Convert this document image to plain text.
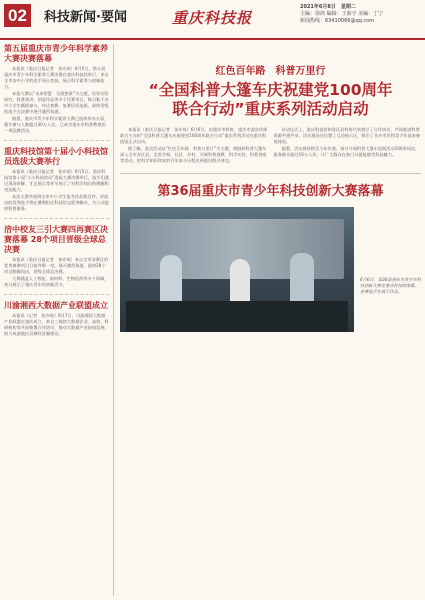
02	科技新闻·要闻	重庆科技报
2021年6月8日　星期二
主编：徐鸿 编辑：王新宇 美编：丁宁
新闻热线：63410066@qq.com
第五届重庆市青少年科学素养大赛决赛落幕

本报讯（重庆日报记者　张亦筑）6月5日，第五届重庆市青少年科学素养大赛决赛在重庆科技馆举行，来自全市各中小学的选手同台竞技，展示科学素养与创新能力。

本届大赛以“未来智慧　无限想象”为主题，设有实验探究、科普演讲、创意作品等多个比赛项目，吸引数千名中小学生踊跃参与，经过初赛、复赛层层选拔，最终晋级的选手在决赛中展开激烈角逐。

据悉，重庆市青少年科学素养大赛已连续举办五届，累计参与人数超过30万人次，已成为重庆市科普教育的一项品牌活动。

重庆科技馆第十届小小科技馆员选拔大赛举行

本报讯（重庆日报记者　张亦筑）6月5日，重庆科技馆第十届“小小科技馆员”选拔大赛决赛举行，选手们通过现场讲解、才艺展示等环节展示了对科学知识的理解和表达能力。

本次大赛共收到全市中小学生报名作品数百件，评选出的优秀选手将在暑期担任科技馆志愿讲解员，为公众提供科普服务。

涪中校友三引大赛四再赛区决赛落幕 28个项目晋级全球总决赛

本报讯（重庆日报记者　张亦筑）来自全市各赛区的优秀参赛项目日前齐聚一堂，展开激烈角逐，最终28个项目脱颖而出，晋级全球总决赛。

大赛涵盖人工智能、新材料、生物医药等多个领域，充分展示了重庆青年的创新活力。

川渝湘西大数据产业联盟成立

本报讯（记者　张亦筑）6月7日，川渝湘西大数据产业联盟在重庆成立，来自三地的大数据企业、高校、科研机构等共同签署合作协议，推动大数据产业协同发展，助力成渝地区双城经济圈建设。

红色百年路　科普万里行
“全国科普大篷车庆祝建党100周年
联合行动”重庆系列活动启动

本报讯（重庆日报记者　张亦筑）6月6日，由重庆市科协、重庆市委宣传部联合主办的“全国科普大篷车庆祝建党100周年联合行动”重庆系列活动在重庆科技馆正式启动。

据了解，此次活动以“红色百年路　科普万里行”为主题，将组织科普大篷车深入全市各区县，走进学校、社区、乡村，开展科普展教、科学实验、科普讲座等活动，把科学知识和党的百年奋斗历程送到基层群众身边。

启动仪式上，重庆科技馆和各区县科协代表签订了合作协议，共同推进科普资源共建共享。活动现场还设置了互动展示区，吸引了众多市民和青少年前来参观体验。

据悉，活动将持续至今年年底，预计开展科普大篷车巡展活动100余场次，服务群众超过10万人次，让广大群众在家门口就能感受科技魅力。

第36届重庆市青少年科技创新大赛落幕
6月6日，第36届重庆市青少年科技创新大赛在重庆科技馆落幕，参赛选手在展示作品。
